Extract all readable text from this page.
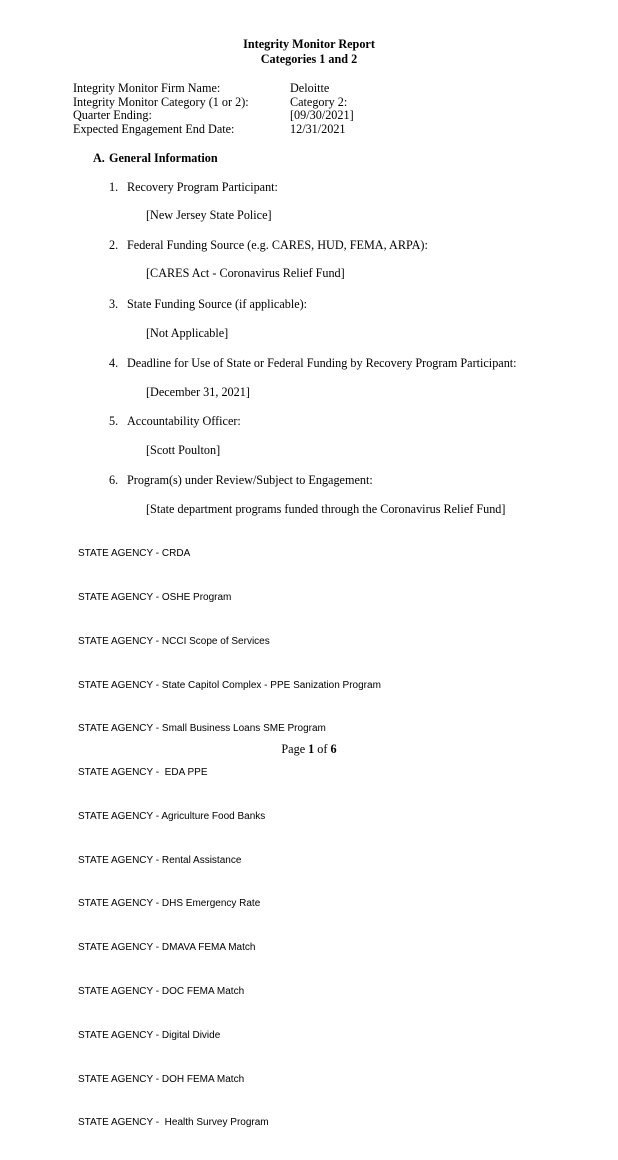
Integrity Monitor Report
Categories 1 and 2
Integrity Monitor Firm Name:	Deloitte
Integrity Monitor Category (1 or 2):	Category 2:
Quarter Ending:	[09/30/2021]
Expected Engagement End Date:	12/31/2021
A. General Information
1. Recovery Program Participant:
[New Jersey State Police]
2. Federal Funding Source (e.g. CARES, HUD, FEMA, ARPA):
[CARES Act - Coronavirus Relief Fund]
3. State Funding Source (if applicable):
[Not Applicable]
4. Deadline for Use of State or Federal Funding by Recovery Program Participant:
[December 31, 2021]
5. Accountability Officer:
[Scott Poulton]
6. Program(s) under Review/Subject to Engagement:
[State department programs funded through the Coronavirus Relief Fund]

STATE AGENCY - CRDA

STATE AGENCY - OSHE Program

STATE AGENCY - NCCI Scope of Services

STATE AGENCY - State Capitol Complex - PPE Sanization Program

STATE AGENCY - Small Business Loans SME Program

STATE AGENCY -  EDA PPE

STATE AGENCY - Agriculture Food Banks

STATE AGENCY - Rental Assistance

STATE AGENCY - DHS Emergency Rate

STATE AGENCY - DMAVA FEMA Match

STATE AGENCY - DOC FEMA Match

STATE AGENCY - Digital Divide

STATE AGENCY - DOH FEMA Match

STATE AGENCY -  Health Survey Program

Page 1 of 6
